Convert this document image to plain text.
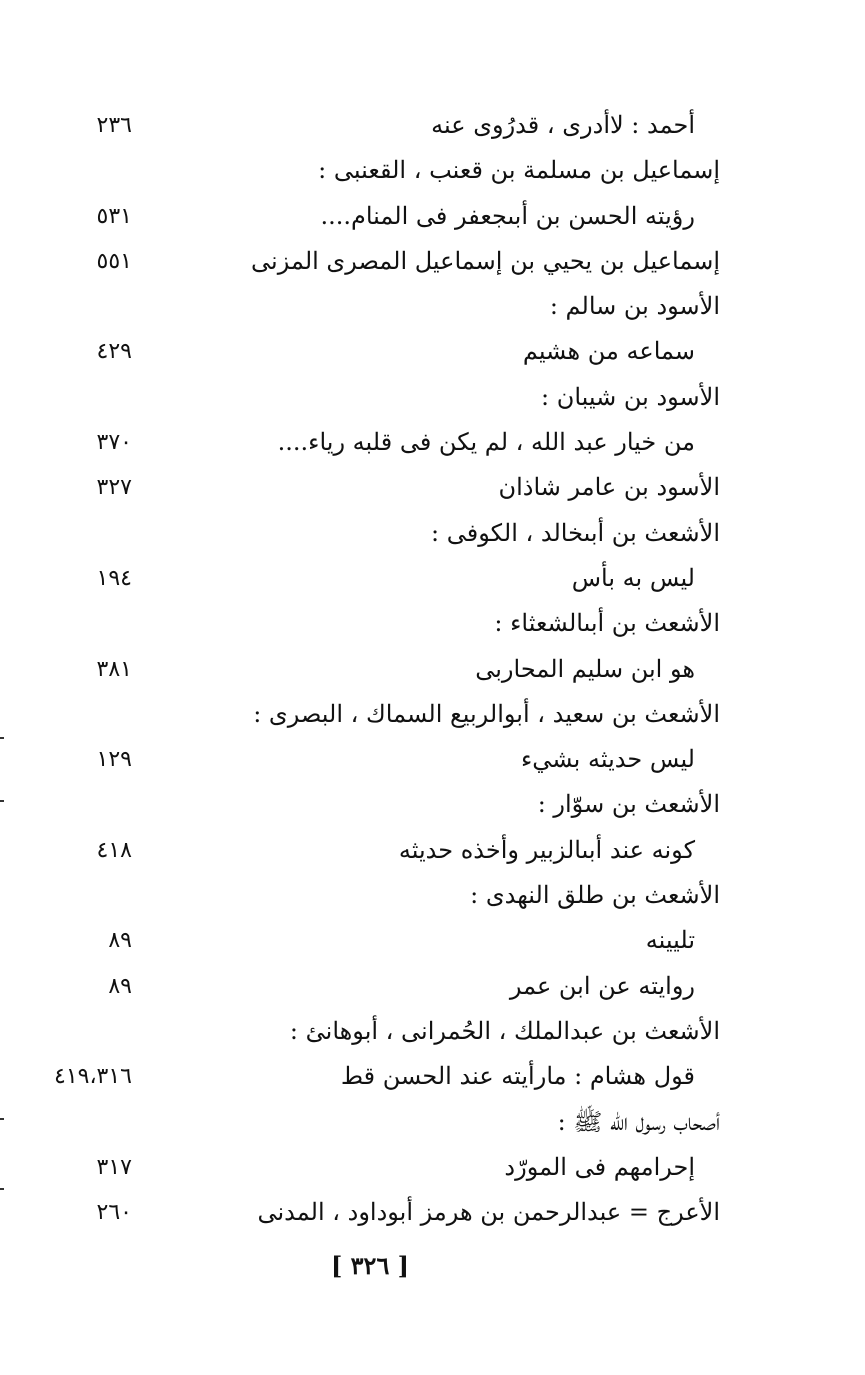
أحمد : لاأدرى ، قدرُوى عنه
٢٣٦
إسماعيل بن مسلمة بن قعنب ، القعنبى :
رؤيته الحسن بن أبىجعفر فى المنام....
٥٣١
إسماعيل بن يحيي بن إسماعيل المصرى المزنى
٥٥١
الأسود بن سالم :
سماعه من هشيم
٤٢٩
الأسود بن شيبان :
من خيار عبد الله ، لم يكن فى قلبه رياء....
٣٧٠
الأسود بن عامر شاذان
٣٢٧
الأشعث بن أبىخالد ، الكوفى :
ليس به بأس
١٩٤
الأشعث بن أبىالشعثاء :
هو ابن سليم المحاربى
٣٨١
الأشعث بن سعيد ، أبوالربيع السماك ، البصرى :
ليس حديثه بشيء
١٢٩
الأشعث بن سوّار :
كونه عند أبىالزبير وأخذه حديثه
٤١٨
الأشعث بن طلق النهدى :
تليينه
٨٩
روايته عن ابن عمر
٨٩
الأشعث بن عبدالملك ، الحُمرانى ، أبوهانئ :
قول هشام : مارأيته عند الحسن قط
٤١٩،٣١٦
أصحاب رسول الله ﷺ :
إحرامهم فى المورّد
٣١٧
الأعرج = عبدالرحمن بن هرمز أبوداود ، المدنى
٢٦٠
[ ٣٢٦ ]
